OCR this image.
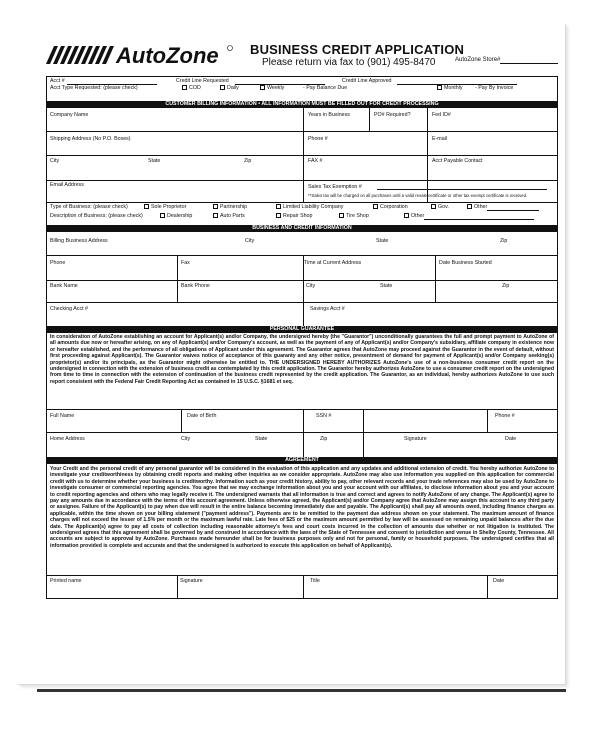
AutoZone BUSINESS CREDIT APPLICATION
Please return via fax to (901) 495-8470	AutoZone Store#
Acct #	Credit Line Requested	Credit Line Approved
Acct Type Requested: (please check)	COD	Daily	Weekly	- Pay Balance Due	Monthly - Pay By Invoice
CUSTOMER BILLING INFORMATION • ALL INFORMATION MUST BE FILLED OUT FOR CREDIT PROCESSING
Company Name	Years in Business	PO# Required?	Fed ID#
Shipping Address (No P.O. Boxes)	Phone #	E-mail
City	State	Zip	FAX #	Acct Payable Contact
Email Address	Sales Tax Exemption #
**Sales tax will be charged on all purchases until a valid resale certificate or other tax exempt certificate is received.
Type of Business: (please check)	Sole Proprietor	Partnership	Limited Liability Company	Corporation	Gov.	Other
Description of Business: (please check)	Dealership	Auto Parts	Repair Shop	Tire Shop	Other
BUSINESS AND CREDIT INFORMATION
Billing Business Address	City	State	Zip
Phone	Fax	Time at Current Address	Date Business Started
Bank Name	Bank Phone	City	State	Zip
Checking Acct #	Savings Acct #
PERSONAL GUARANTEE
In consideration of AutoZone establishing an account for Applicant(s) and/or Company, the undersigned hereby (the "Guarantor") unconditionally guarantees the full and prompt payment to AutoZone of all amounts due now or hereafter arising, on any of Applicant(s) and/or Company's account, as well as the payment of any of Applicant(s) and/or Company's subsidiary, affiliate company in existence now or hereafter established, and the performance of all obligations of Applicant under this agreement. The Guarantor agrees that AutoZone may proceed against the Guarantor in the event of default, without first proceeding against Applicant(s). The Guarantor waives notice of acceptance of this guaranty and any other notice, presentment of demand for payment of Applicant(s) and/or Company seeking(s) proprietor(s) and/or its principals, as the Guarantor might otherwise be entitled to. THE UNDERSIGNED HEREBY AUTHORIZES AutoZone's use of a non-business consumer credit report on the undersigned in connection with the extension of business credit as contemplated by this credit application. The Guarantor hereby authorizes AutoZone to use a consumer credit report on the undersigned from time to time in connection with the extension of continuation of the business credit represented by the credit application. The Guarantor, as an individual, hereby authorizes AutoZone to use such report consistent with the Federal Fair Credit Reporting Act as contained in 15 U.S.C. §1681 et seq.
Full Name	Date of Birth	SSN #	Phone #
Home Address	City	State	Zip	Signature	Date
AGREEMENT
Your Credit and the personal credit of any personal guarantor will be considered in the evaluation of this application and any updates and additional extension of credit. You hereby authorize AutoZone to investigate your creditworthiness by obtaining credit reports and making other inquiries as we consider appropriate. AutoZone may also use information you supplied on this application for commercial credit with us to determine whether your business is creditworthy. Information such as your credit history, ability to pay, other relevant records and your trade references may also be used by AutoZone to investigate consumer or commercial reporting agencies. You agree that we may exchange information about you and your account with our affiliates, to disclose information about you and your account to credit reporting agencies and others who may legally receive it. The undersigned warrants that all information is true and correct and agrees to notify AutoZone of any change. The Applicant(s) agree to pay any amounts due in accordance with the terms of this account agreement. Unless otherwise agreed, the Applicant(s) and/or Company agree that AutoZone may assign this account to any third party or assignee. Failure of the Applicant(s) to pay when due will result in the entire balance becoming immediately due and payable. The Applicant(s) shall pay all amounts owed, including finance charges as applicable, within the time shown on your billing statement ("payment address"). Payments are to be remitted to the payment due address shown on your statement. The maximum amount of finance charges will not exceed the lesser of 1.5% per month or the maximum lawful rate. Late fees of $25 or the maximum amount permitted by law will be assessed on remaining unpaid balances after the due date. The Applicant(s) agree to pay all costs of collection including reasonable attorney's fees and court costs incurred in the collection of amounts due whether or not litigation is instituted. The undersigned agrees that this agreement shall be governed by and construed in accordance with the laws of the State of Tennessee and consent to jurisdiction and venue in Shelby County, Tennessee. All accounts are subject to approval by AutoZone. Purchases made hereunder shall be for business purposes only and not for personal, family or household purposes. The undersigned certifies that all information provided is complete and accurate and that the undersigned is authorized to execute this application on behalf of Applicant(s).
Printed name	Signature	Title	Date
